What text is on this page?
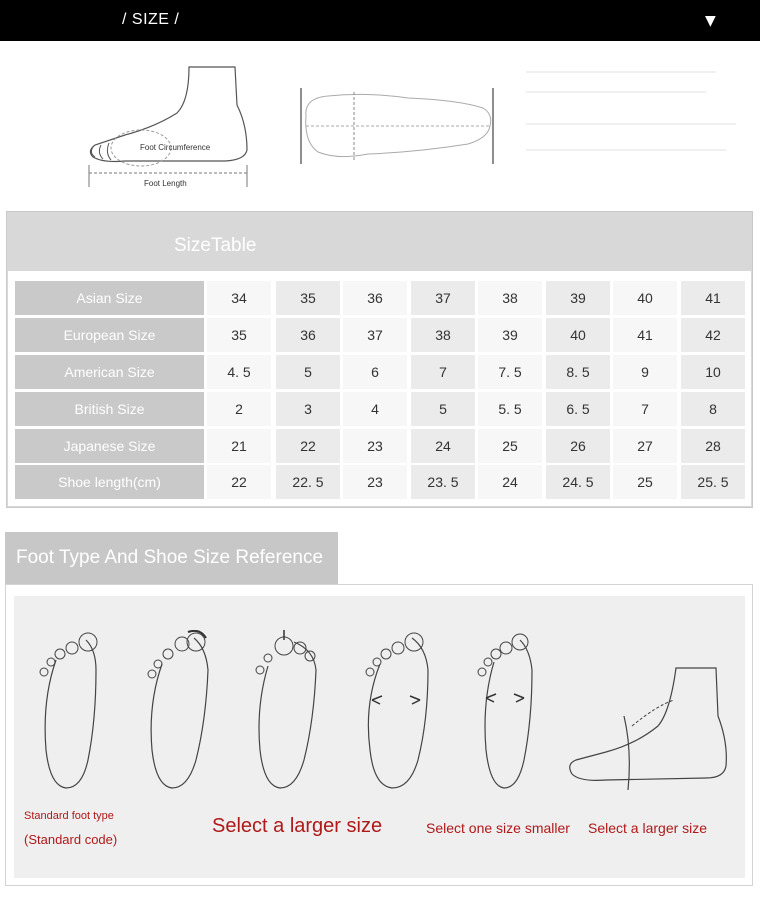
/ SIZE /	▼
Foot Circumference
Foot Length
SizeTable
Asian Size	34	35	36	37	38	39	40	41
European Size	35	36	37	38	39	40	41	42
American Size	4. 5	5	6	7	7. 5	8. 5	9	10
British Size	2	3	4	5	5. 5	6. 5	7	8
Japanese Size	21	22	23	24	25	26	27	28
Shoe length(cm)	22	22. 5	23	23. 5	24	24. 5	25	25. 5
Foot Type And Shoe Size Reference
Standard foot type
(Standard code)
Select a larger size	Select one size smaller Select a larger size
